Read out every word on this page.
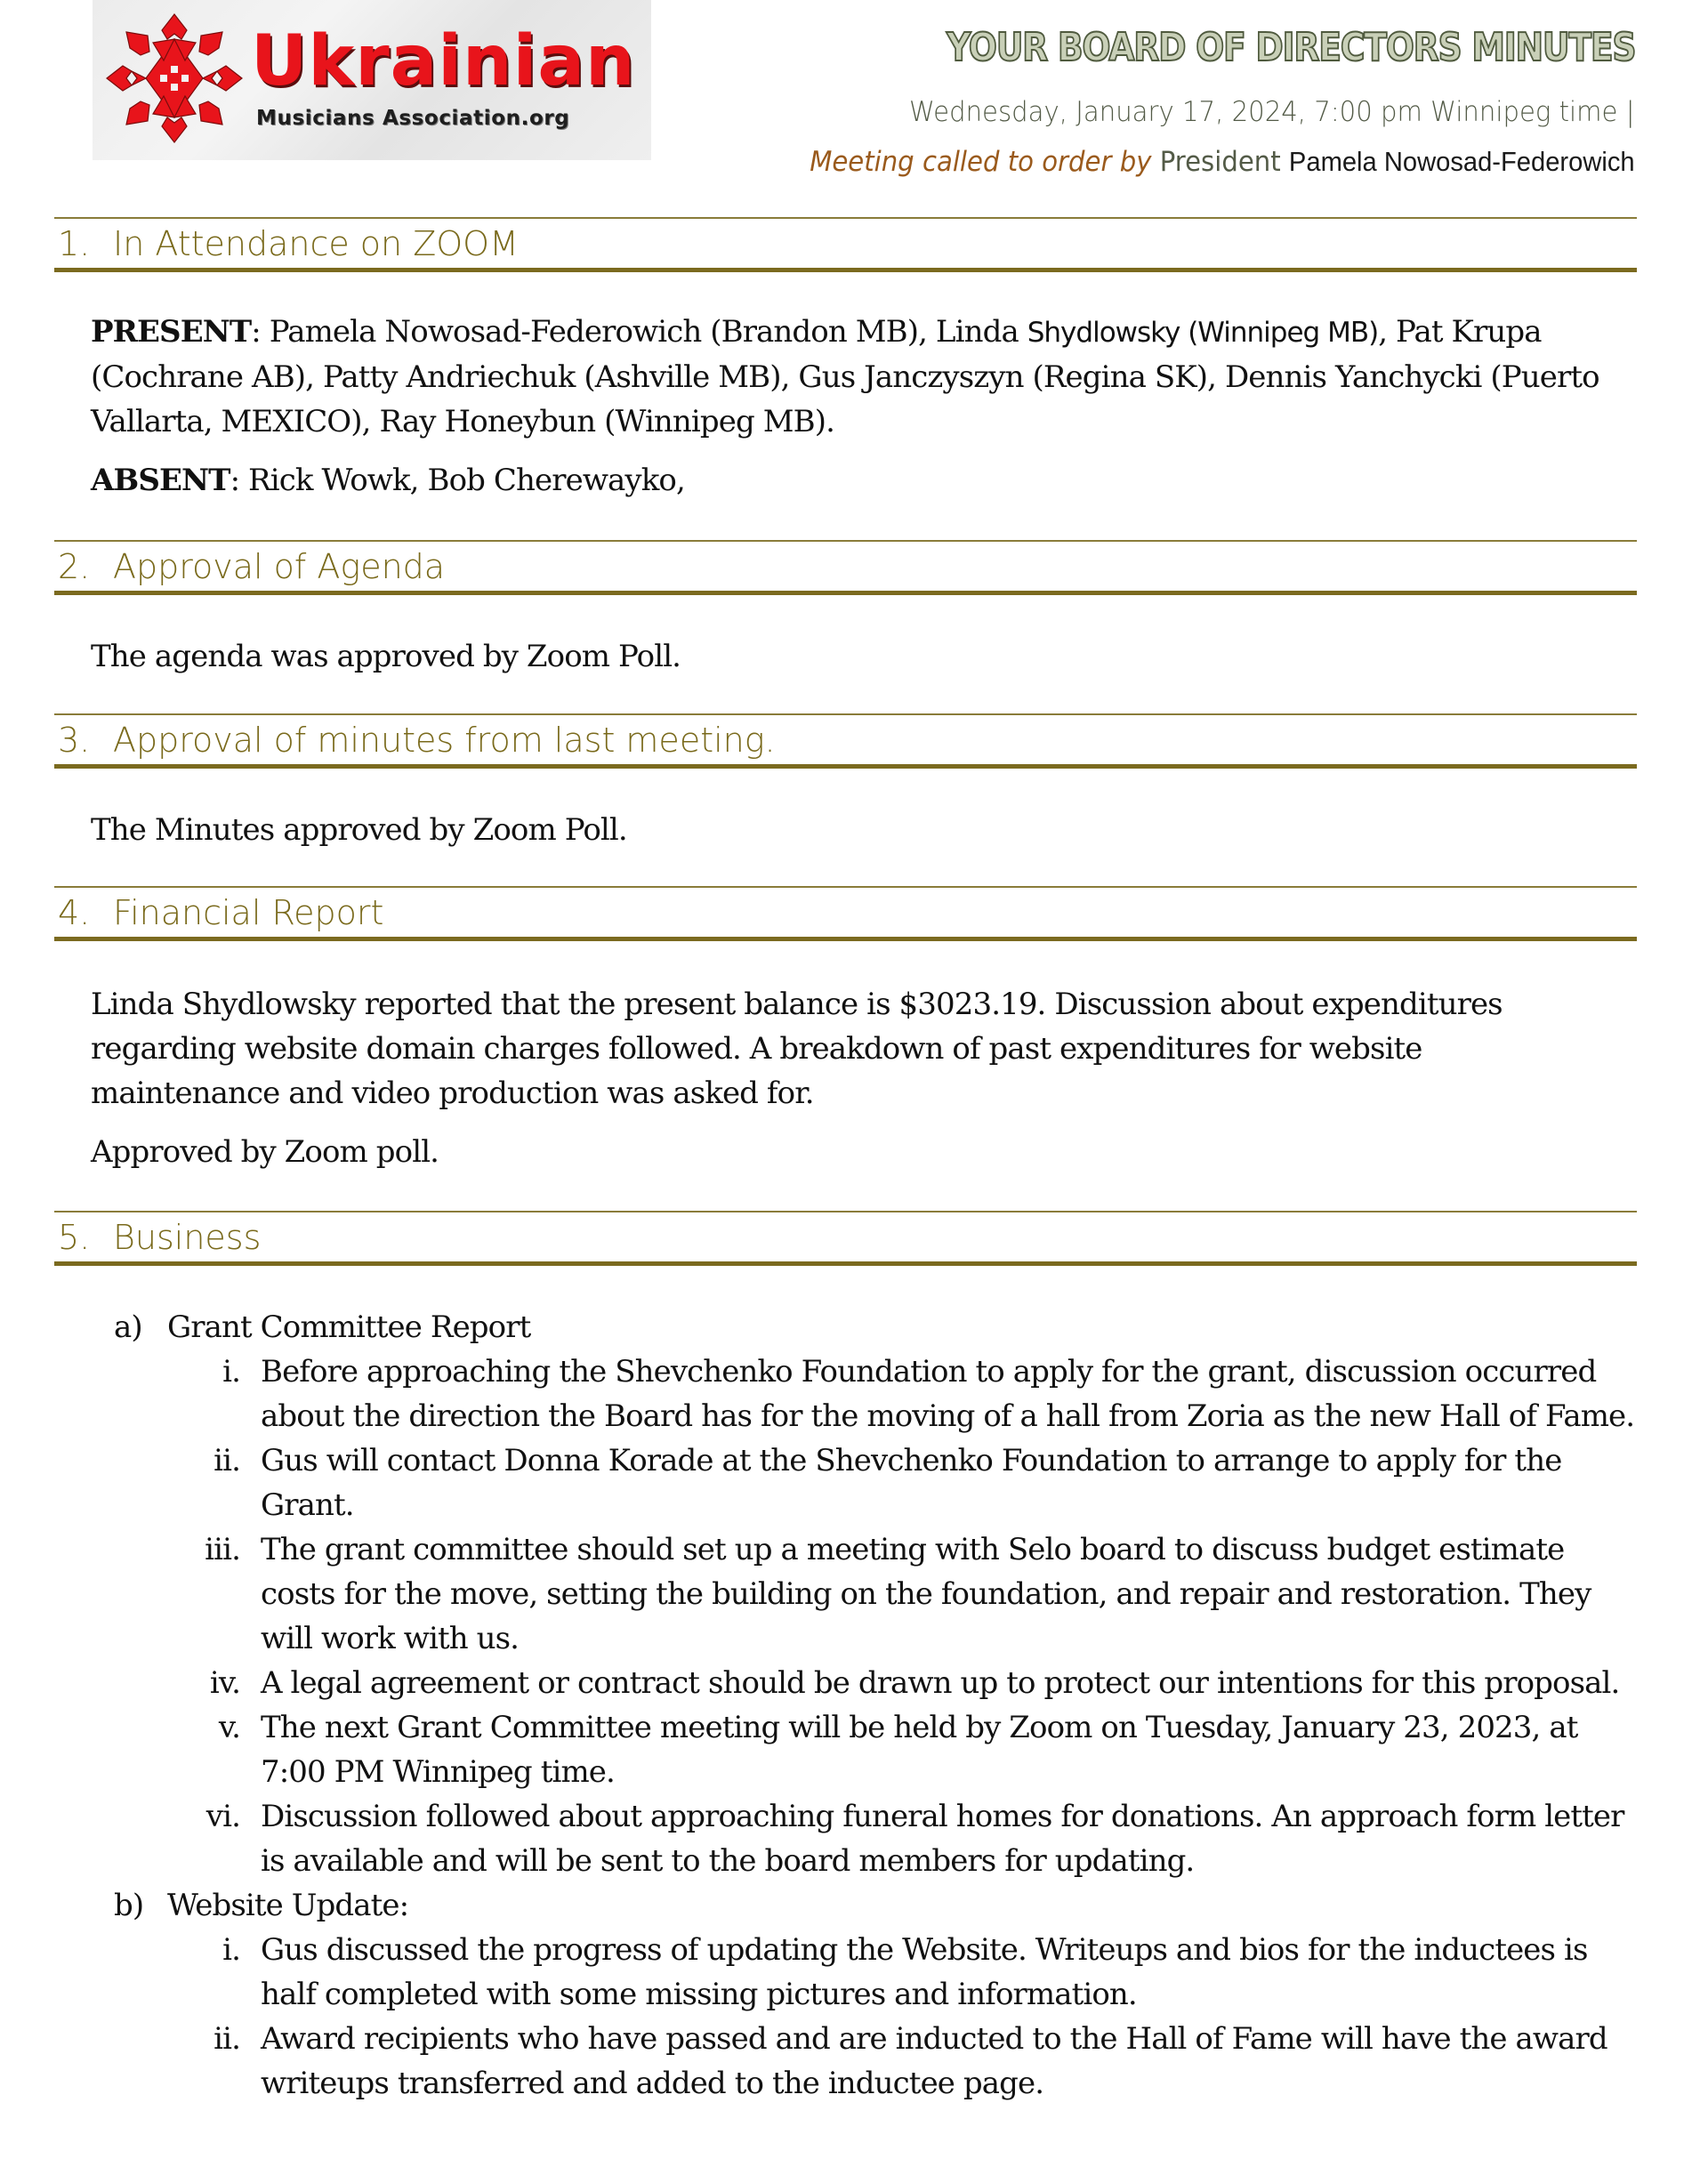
Ukrainian
Musicians Association.org
YOUR BOARD OF DIRECTORS MINUTES
Wednesday, January 17, 2024, 7:00 pm Winnipeg time |
Meeting called to order by President Pamela Nowosad-Federowich
1. In Attendance on ZOOM

PRESENT: Pamela Nowosad-Federowich (Brandon MB), Linda Shydlowsky (Winnipeg MB), Pat Krupa (Cochrane AB), Patty Andriechuk (Ashville MB), Gus Janczyszyn (Regina SK), Dennis Yanchycki (Puerto Vallarta, MEXICO), Ray Honeybun (Winnipeg MB).

ABSENT: Rick Wowk, Bob Cherewayko,

2. Approval of Agenda

The agenda was approved by Zoom Poll.

3. Approval of minutes from last meeting.

The Minutes approved by Zoom Poll.

4. Financial Report

Linda Shydlowsky reported that the present balance is $3023.19. Discussion about expenditures regarding website domain charges followed. A breakdown of past expenditures for website maintenance and video production was asked for.

Approved by Zoom poll.

5. Business
a) Grant Committee Report
i. Before approaching the Shevchenko Foundation to apply for the grant, discussion occurred about the direction the Board has for the moving of a hall from Zoria as the new Hall of Fame.
ii. Gus will contact Donna Korade at the Shevchenko Foundation to arrange to apply for the Grant.
iii. The grant committee should set up a meeting with Selo board to discuss budget estimate costs for the move, setting the building on the foundation, and repair and restoration. They will work with us.
iv. A legal agreement or contract should be drawn up to protect our intentions for this proposal.
v. The next Grant Committee meeting will be held by Zoom on Tuesday, January 23, 2023, at 7:00 PM Winnipeg time.
vi. Discussion followed about approaching funeral homes for donations. An approach form letter is available and will be sent to the board members for updating.
b) Website Update:
i. Gus discussed the progress of updating the Website. Writeups and bios for the inductees is half completed with some missing pictures and information.
ii. Award recipients who have passed and are inducted to the Hall of Fame will have the award writeups transferred and added to the inductee page.
